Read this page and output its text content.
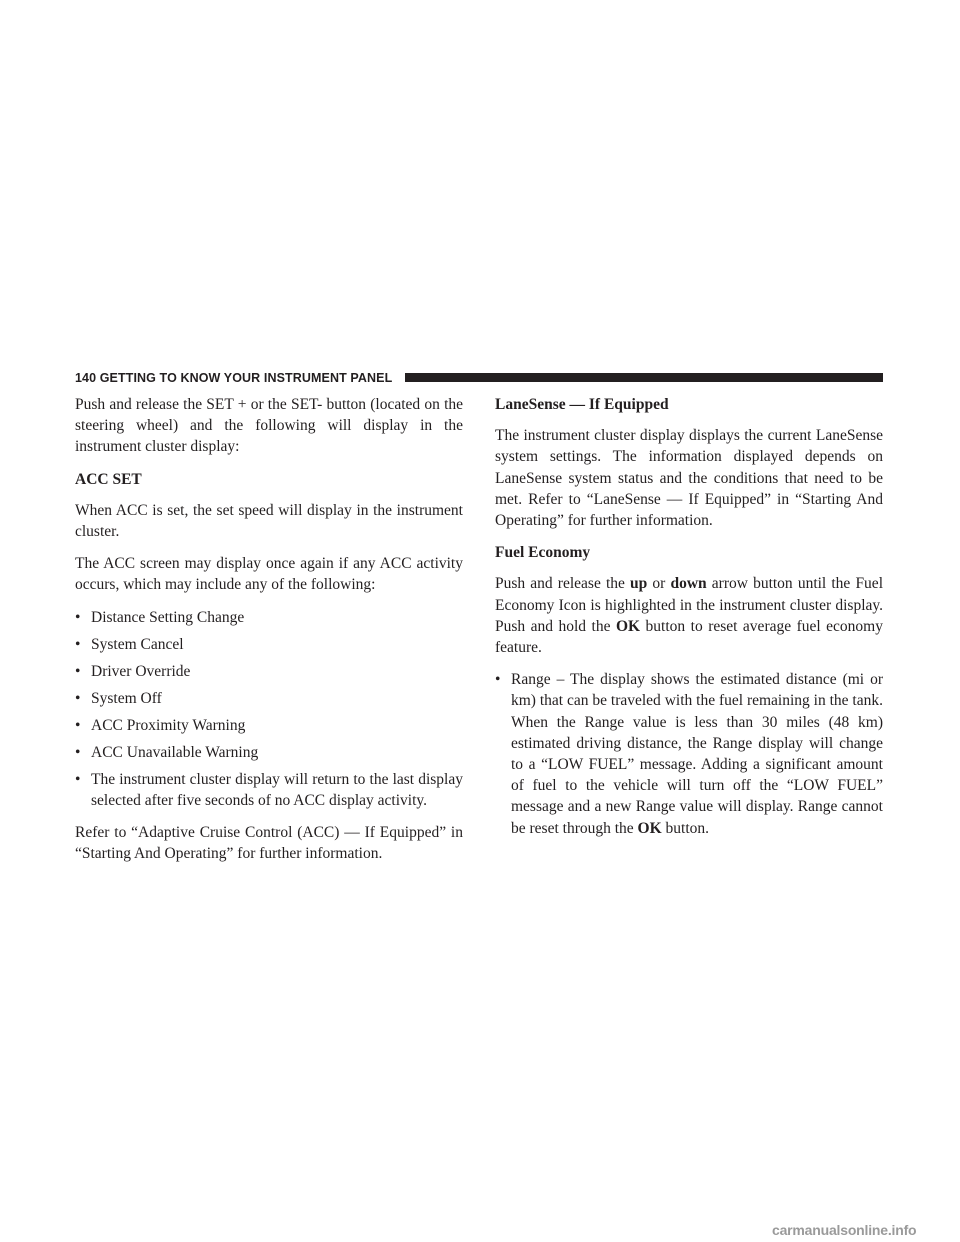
140 GETTING TO KNOW YOUR INSTRUMENT PANEL

Push and release the SET + or the SET- button (located on the steering wheel) and the following will display in the instrument cluster display:

ACC SET

When ACC is set, the set speed will display in the instrument cluster.

The ACC screen may display once again if any ACC activity occurs, which may include any of the following:

• Distance Setting Change
• System Cancel
• Driver Override
• System Off
• ACC Proximity Warning
• ACC Unavailable Warning
• The instrument cluster display will return to the last display selected after five seconds of no ACC display activity.

Refer to “Adaptive Cruise Control (ACC) — If Equipped” in “Starting And Operating” for further information.

LaneSense — If Equipped

The instrument cluster display displays the current LaneSense system settings. The information displayed depends on LaneSense system status and the conditions that need to be met. Refer to “LaneSense — If Equipped” in “Starting And Operating” for further information.

Fuel Economy

Push and release the up or down arrow button until the Fuel Economy Icon is highlighted in the instrument cluster display. Push and hold the OK button to reset average fuel economy feature.

• Range – The display shows the estimated distance (mi or km) that can be traveled with the fuel remaining in the tank. When the Range value is less than 30 miles (48 km) estimated driving distance, the Range display will change to a “LOW FUEL” message. Adding a significant amount of fuel to the vehicle will turn off the “LOW FUEL” message and a new Range value will display. Range cannot be reset through the OK button.
carmanualsonline.info
